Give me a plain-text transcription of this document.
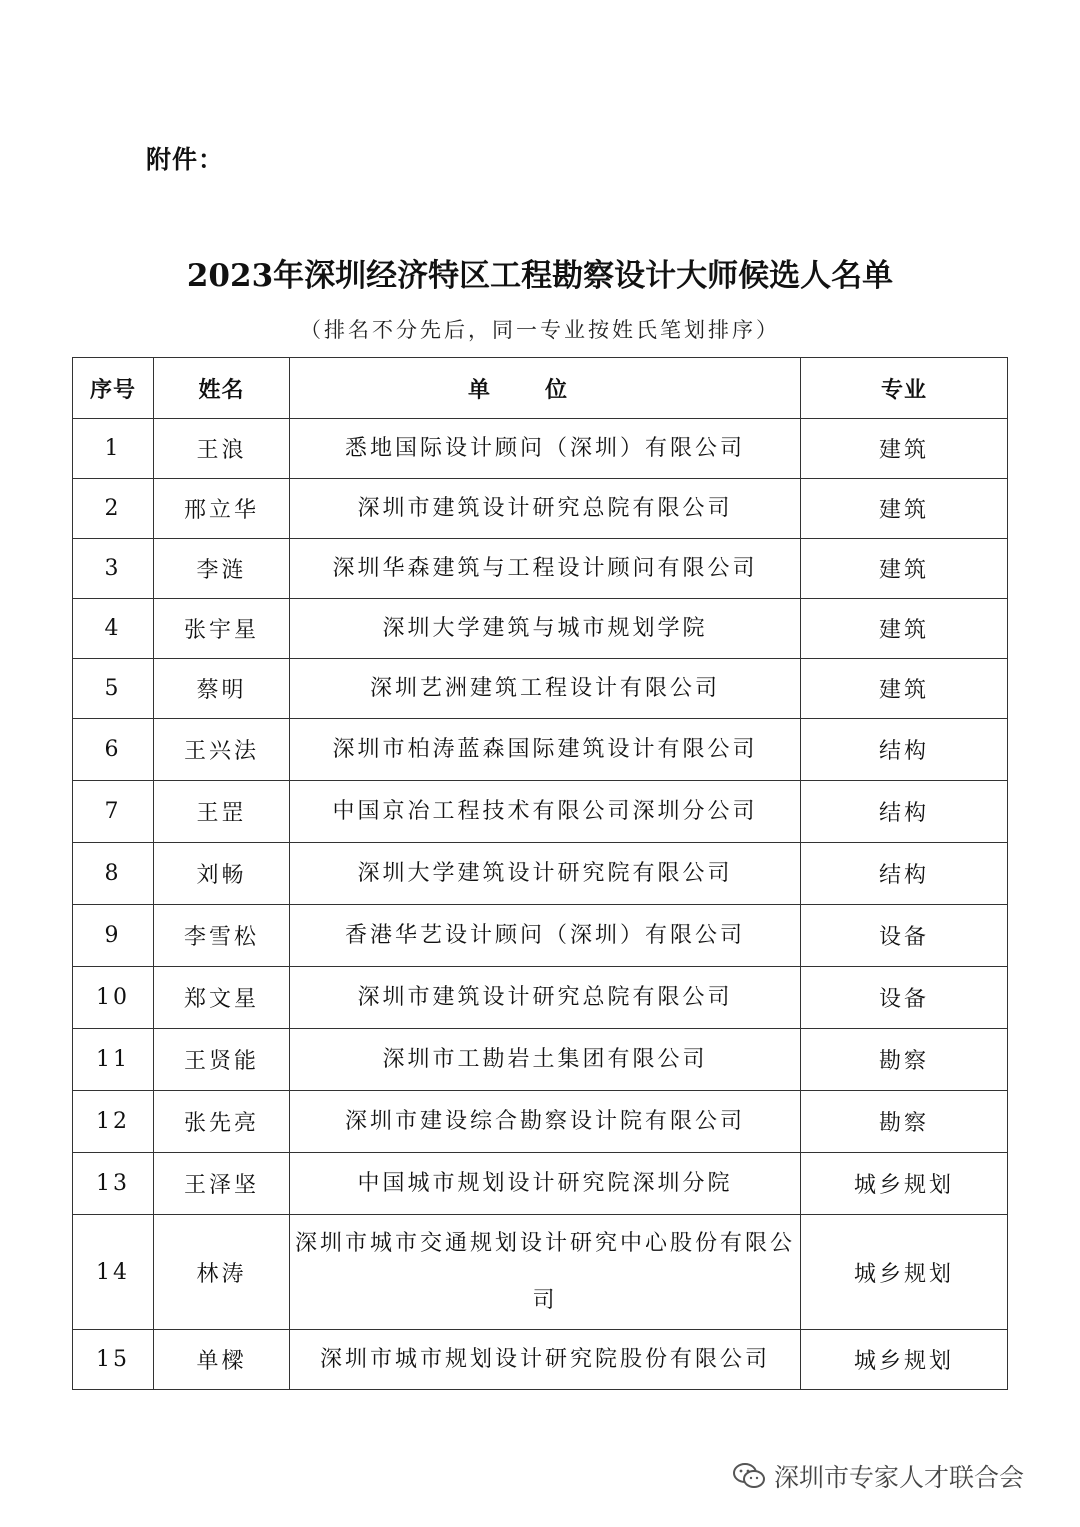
附件：
2023年深圳经济特区工程勘察设计大师候选人名单
（排名不分先后，同一专业按姓氏笔划排序）
序号	姓名	单位	专业
1	王浪	悉地国际设计顾问（深圳）有限公司	建筑
2	邢立华	深圳市建筑设计研究总院有限公司	建筑
3	李涟	深圳华森建筑与工程设计顾问有限公司	建筑
4	张宇星	深圳大学建筑与城市规划学院	建筑
5	蔡明	深圳艺洲建筑工程设计有限公司	建筑
6	王兴法	深圳市柏涛蓝森国际建筑设计有限公司	结构
7	王罡	中国京冶工程技术有限公司深圳分公司	结构
8	刘畅	深圳大学建筑设计研究院有限公司	结构
9	李雪松	香港华艺设计顾问（深圳）有限公司	设备
10	郑文星	深圳市建筑设计研究总院有限公司	设备
11	王贤能	深圳市工勘岩土集团有限公司	勘察
12	张先亮	深圳市建设综合勘察设计院有限公司	勘察
13	王泽坚	中国城市规划设计研究院深圳分院	城乡规划
14	林涛	深圳市城市交通规划设计研究中心股份有限公司	城乡规划
15	单樑	深圳市城市规划设计研究院股份有限公司	城乡规划
深圳市专家人才联合会
